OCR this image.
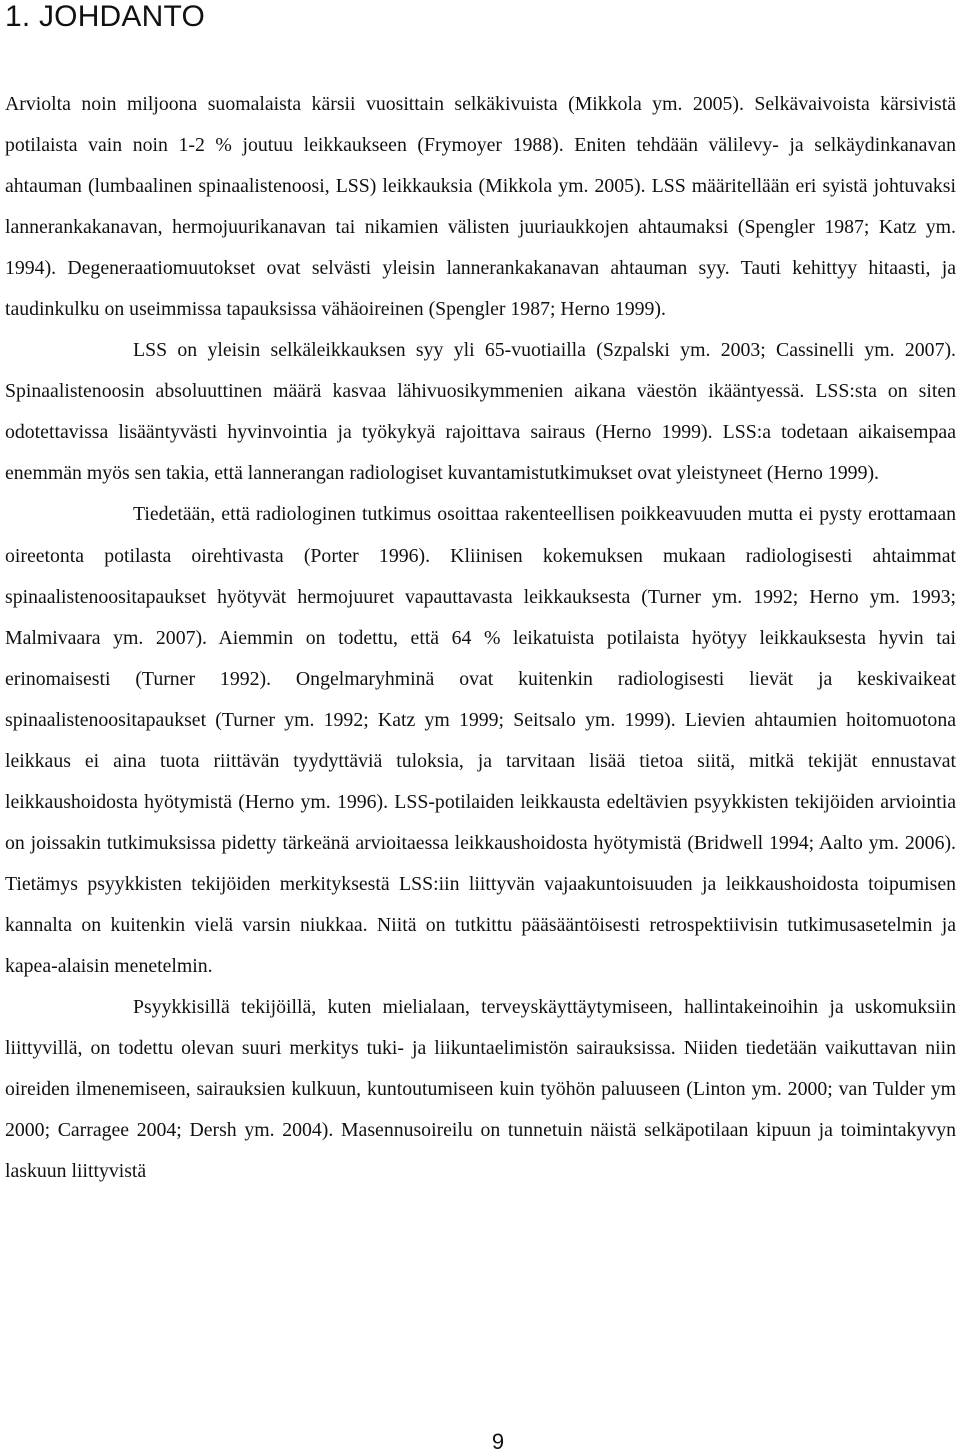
1. JOHDANTO

Arviolta noin miljoona suomalaista kärsii vuosittain selkäkivuista (Mikkola ym. 2005). Selkävaivoista kärsivistä potilaista vain noin 1-2 % joutuu leikkaukseen (Frymoyer 1988). Eniten tehdään välilevy- ja selkäydinkanavan ahtauman (lumbaalinen spinaalistenoosi, LSS) leikkauksia (Mikkola ym. 2005). LSS määritellään eri syistä johtuvaksi lannerankakanavan, hermojuurikanavan tai nikamien välisten juuriaukkojen ahtaumaksi (Spengler 1987; Katz ym. 1994). Degeneraatiomuutokset ovat selvästi yleisin lannerankakanavan ahtauman syy. Tauti kehittyy hitaasti, ja taudinkulku on useimmissa tapauksissa vähäoireinen (Spengler 1987; Herno 1999).

LSS on yleisin selkäleikkauksen syy yli 65-vuotiailla (Szpalski ym. 2003; Cassinelli ym. 2007). Spinaalistenoosin absoluuttinen määrä kasvaa lähivuosikymmenien aikana väestön ikääntyessä. LSS:sta on siten odotettavissa lisääntyvästi hyvinvointia ja työkykyä rajoittava sairaus (Herno 1999). LSS:a todetaan aikaisempaa enemmän myös sen takia, että lannerangan radiologiset kuvantamistutkimukset ovat yleistyneet (Herno 1999).

Tiedetään, että radiologinen tutkimus osoittaa rakenteellisen poikkeavuuden mutta ei pysty erottamaan oireetonta potilasta oirehtivasta (Porter 1996). Kliinisen kokemuksen mukaan radiologisesti ahtaimmat spinaalistenoositapaukset hyötyvät hermojuuret vapauttavasta leikkauksesta (Turner ym. 1992; Herno ym. 1993; Malmivaara ym. 2007). Aiemmin on todettu, että 64 % leikatuista potilaista hyötyy leikkauksesta hyvin tai erinomaisesti (Turner 1992). Ongelmaryhminä ovat kuitenkin radiologisesti lievät ja keskivaikeat spinaalistenoositapaukset (Turner ym. 1992; Katz ym 1999; Seitsalo ym. 1999). Lievien ahtaumien hoitomuotona leikkaus ei aina tuota riittävän tyydyttäviä tuloksia, ja tarvitaan lisää tietoa siitä, mitkä tekijät ennustavat leikkaushoidosta hyötymistä (Herno ym. 1996). LSS-potilaiden leikkausta edeltävien psyykkisten tekijöiden arviointia on joissakin tutkimuksissa pidetty tärkeänä arvioitaessa leikkaushoidosta hyötymistä (Bridwell 1994; Aalto ym. 2006). Tietämys psyykkisten tekijöiden merkityksestä LSS:iin liittyvän vajaakuntoisuuden ja leikkaushoidosta toipumisen kannalta on kuitenkin vielä varsin niukkaa. Niitä on tutkittu pääsääntöisesti retrospektiivisin tutkimusasetelmin ja kapea-alaisin menetelmin.

Psyykkisillä tekijöillä, kuten mielialaan, terveyskäyttäytymiseen, hallintakeinoihin ja uskomuksiin liittyvillä, on todettu olevan suuri merkitys tuki- ja liikuntaelimistön sairauksissa. Niiden tiedetään vaikuttavan niin oireiden ilmenemiseen, sairauksien kulkuun, kuntoutumiseen kuin työhön paluuseen (Linton ym. 2000; van Tulder ym 2000; Carragee 2004; Dersh ym. 2004). Masennusoireilu on tunnetuin näistä selkäpotilaan kipuun ja toimintakyvyn laskuun liittyvistä

9
